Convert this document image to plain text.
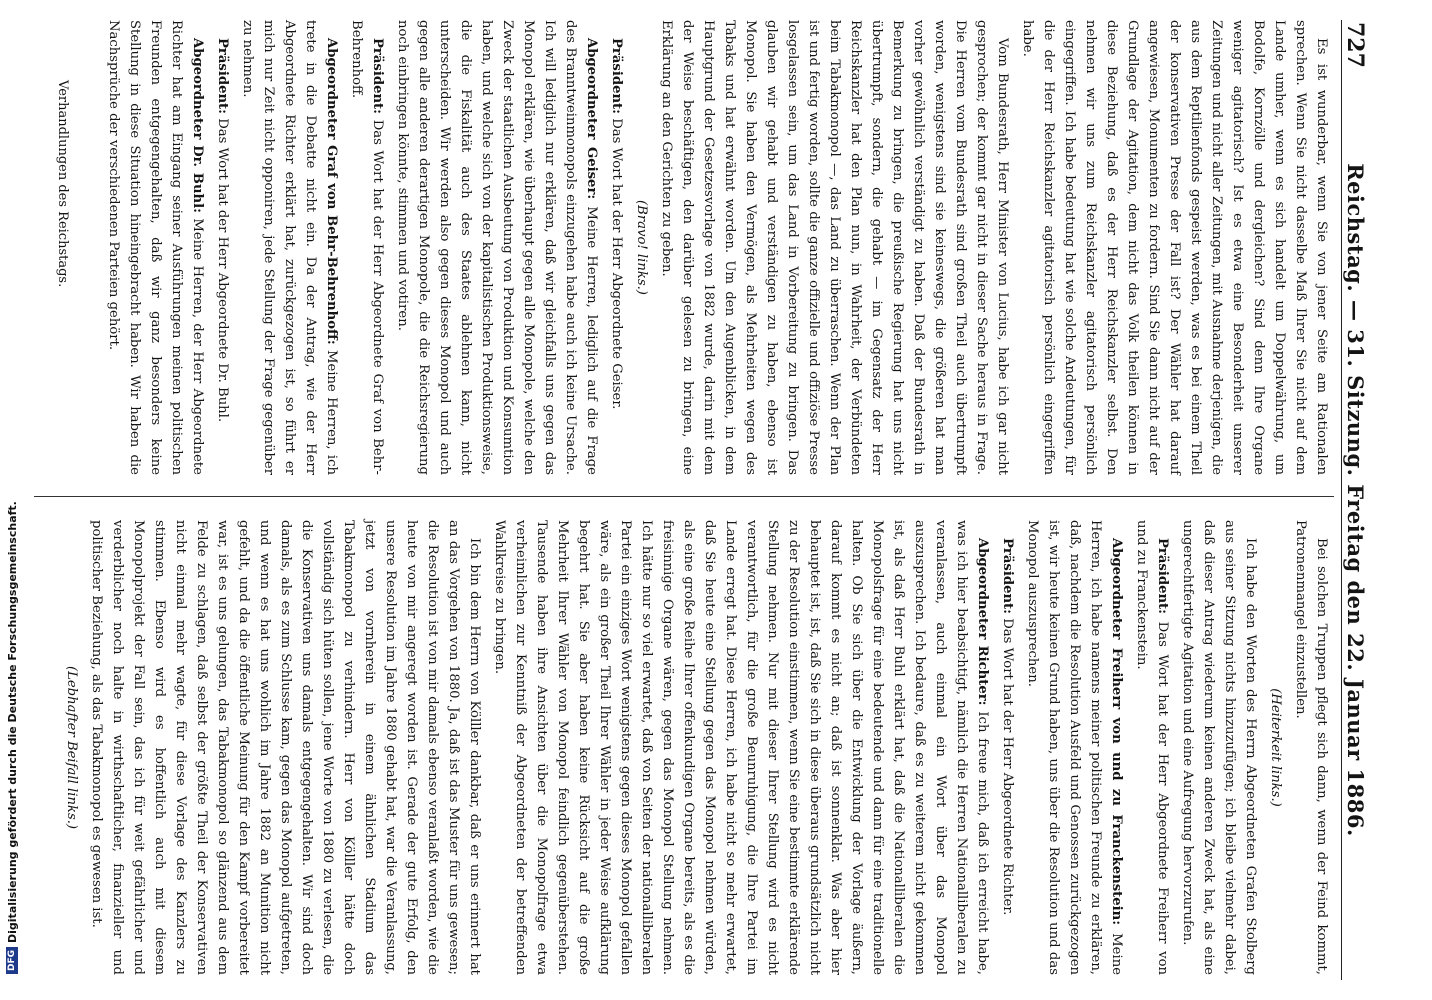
727
Reichstag. — 31. Sitzung. Freitag den 22. Januar 1886.

Es ist wunderbar, wenn Sie von jener Seite am Rationalen sprechen. Wenn Sie nicht dasselbe Maß Ihrer Sie nicht auf dem Lande umher, wenn es sich handelt um Doppelwährung, um Bodolfe, Kornzölle und dergleichen? Sind denn Ihre Organe weniger agitatorisch? Ist es etwa eine Besonderheit unserer Zeitungen und nicht aller Zeitungen, mit Ausnahme derjenigen, die aus dem Reptilienfonds gespeist werden, was es bei einem Theil der konservativen Presse der Fall ist? Der Wähler hat darauf angewiesen, Monumenten zu fordern. Sind Sie dann nicht auf der Grundlage der Agitation, dem nicht das Volk theilen können in diese Beziehung, daß es der Herr Reichskanzler selbst. Den nehmen wir uns zum Reichskanzler agitatorisch persönlich eingegriffen. Ich habe bedeutung hat wie solche Andeutungen, für die der Herr Reichskanzler agitatorisch persönlich eingegriffen habe.

Vom Bundesrath, Herr Minister von Lucius, habe ich gar nicht gesprochen; der kommt gar nicht in dieser Sache heraus in Frage. Die Herren vom Bundesrath sind großen Theil auch übertrumpft worden, wenigstens sind sie keineswegs, die größeren hat man vorher gewöhnlich verständigt zu haben. Daß der Bundesrath in Bemerkung zu bringen, die preußische Regierung hat uns nicht übertrumpft, sondern, die gehabt — im Gegensatz der Herr Reichskanzler hat den Plan nun, in Wahrheit, der Verbündeten beim Tabakmonopol —, das Land zu überraschen. Wenn der Plan ist und fertig worden, sollte die ganze offizielle und offiziöse Presse losgelassen sein, um das Land in Vorbereitung zu bringen. Das glauben wir gehabt und verständigen zu haben, ebenso ist Monopol. Sie haben den Vermögen, als Mehrheiten wegen des Tabaks und hat erwähnt worden. Um den Augenblicken, in dem Hauptgrund der Gesetzesvorlage von 1882 wurde, darin mit dem der Weise beschäftigen, den darüber gelesen zu bringen, eine Erklärung an den Gerichten zu geben.

(Bravo! links.)

Präsident: Das Wort hat der Herr Abgeordnete Geiser.

Abgeordneter Geiser: Meine Herren, lediglich auf die Frage des Branntweinmonopols einzugehen habe auch ich keine Ursache. Ich will lediglich nur erklären, daß wir gleichfalls uns gegen das Monopol erklären, wie überhaupt gegen alle Monopole, welche den Zweck der staatlichen Ausbeutung von Produktion und Konsumtion haben, und welche sich von der kapitalistischen Produktionsweise, die die Fiskalität auch des Staates ablehnen kann, nicht unterscheiden. Wir werden also gegen dieses Monopol und auch gegen alle anderen derartigen Monopole, die die Reichsregierung noch einbringen könnte, stimmen und votiren.

Präsident: Das Wort hat der Herr Abgeordnete Graf von Behr-Behrenhoff.

Abgeordneter Graf von Behr-Behrenhoff: Meine Herren, ich trete in die Debatte nicht ein. Da der Antrag, wie der Herr Abgeordnete Richter erklärt hat, zurückgezogen ist, so führt er mich nur Zeit nicht opponiren, jede Stellung der Frage gegenüber zu nehmen.

Präsident: Das Wort hat der Herr Abgeordnete Dr. Buhl.

Abgeordneter Dr. Buhl: Meine Herren, der Herr Abgeordnete Richter hat am Eingang seiner Ausführungen meinen politischen Freunden entgegengehalten, daß wir ganz besonders keine Stellung in diese Situation hineingebracht haben. Wir haben die Nachsprüche der verschiedenen Parteien gehört.

Bei solchen Truppen pflegt sich dann, wenn der Feind kommt, Patronenmangel einzustellen.

(Heiterkeit links.)

Ich habe den Worten des Herrn Abgeordneten Grafen Stolberg aus seiner Sitzung nichts hinzuzufügen; ich bleibe vielmehr dabei, daß dieser Antrag wiederum keinen anderen Zweck hat, als eine ungerechtfertigte Agitation und eine Aufregung hervorzurufen.

Präsident: Das Wort hat der Herr Abgeordnete Freiherr von und zu Franckenstein.

Abgeordneter Freiherr von und zu Franckenstein: Meine Herren, ich habe namens meiner politischen Freunde zu erklären, daß, nachdem die Resolution Ausfeld und Genossen zurückgezogen ist, wir heute keinen Grund haben, uns über die Resolution und das Monopol auszusprechen.

Präsident: Das Wort hat der Herr Abgeordnete Richter.

Abgeordneter Richter: Ich freue mich, daß ich erreicht habe, was ich hier beabsichtigt, nämlich die Herren Nationalliberalen zu veranlassen, auch einmal ein Wort über das Monopol auszusprechen. Ich bedaure, daß es zu weiterem nicht gekommen ist, als daß Herr Buhl erklärt hat, daß die Nationalliberalen die Monopolsfrage für eine bedeutende und dann für eine traditionelle halten. Ob Sie sich über die Entwicklung der Vorlage äußern, darauf kommt es nicht an; daß ist sonnenklar. Was aber hier behauptet ist, ist, daß Sie sich in diese überaus grundsätzlich nicht zu der Resolution einstimmen, wenn Sie eine bestimmte erklärende Stellung nehmen. Nur mit dieser Ihrer Stellung wird es nicht verantwortlich, für die große Beunruhigung, die Ihre Partei im Lande erregt hat. Diese Herren, ich habe nicht so mehr erwartet, daß Sie heute eine Stellung gegen das Monopol nehmen würden, als eine große Reihe Ihrer offenkundigen Organe bereits, als es die freisinnige Organe wären, gegen das Monopol Stellung nehmen. Ich hätte nur so viel erwartet, daß von Seiten der nationalliberalen Partei ein einziges Wort wenigstens gegen dieses Monopol gefallen wäre, als ein großer Theil Ihrer Wähler in jeder Weise aufklärung begehrt hat. Sie aber haben keine Rücksicht auf die große Mehrheit Ihrer Wähler von Monopol feindlich gegenüberstehen. Tausende haben ihre Ansichten über die Monopolfrage etwa verheimlichen zur Kenntniß der Abgeordneten der betreffenden Wahlkreise zu bringen.

Ich bin dem Herrn von Kölller dankbar, daß er uns erinnert hat an das Vorgehen von 1880. Ja, daß ist das Muster für uns gewesen; die Resolution ist von mir damals ebenso veranlaßt worden, wie die heute von mir angeregt worden ist. Gerade der gute Erfolg, den unsere Resolution im Jahre 1880 gehabt hat, war die Veranlassung, jetzt von vornherein in einem ähnlichen Stadium das Tabakmonopol zu verhindern. Herr von Kölller hätte doch vollständig sich hüten sollen, jene Worte von 1880 zu verlesen, die die Konservativen uns damals entgegengehalten. Wir sind doch damals, als es zum Schlusse kam, gegen das Monopol aufgetreten, und wenn es hat uns wohlich im Jahre 1882 an Munition nicht gefehlt, und da die öffentliche Meinung für den Kampf vorbereitet war, ist es uns gelungen, das Tabakmonopol so glänzend aus dem Felde zu schlagen, daß selbst der größte Theil der Konservativen nicht einmal mehr wagte, für diese Vorlage des Kanzlers zu stimmen. Ebenso wird es hoffentlich auch mit diesem Monopolprojekt der Fall sein, das ich für weit gefährlicher und verderblicher noch halte in wirthschaftlicher, finanzieller und politischer Beziehung, als das Tabakmonopol es gewesen ist.

(Lebhafter Beifall links.)

Verhandlungen des Reichstags.
DFG
Digitalisierung gefördert durch die Deutsche Forschungsgemeinschaft.
